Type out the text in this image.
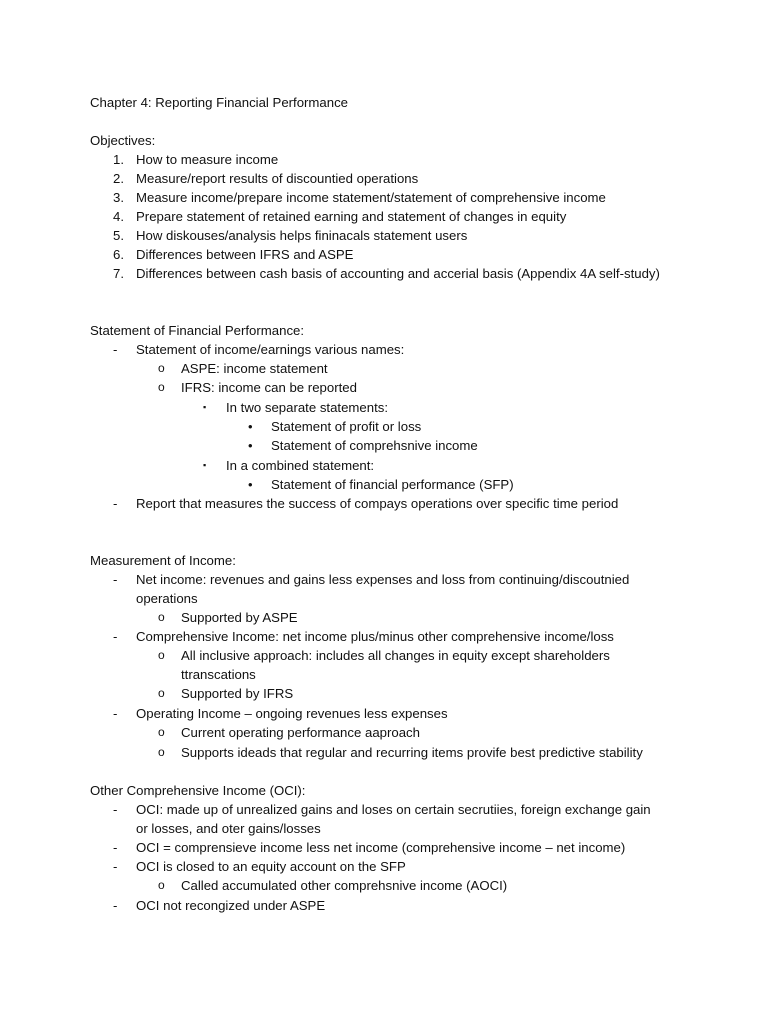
Chapter 4: Reporting Financial Performance
Objectives:
1. How to measure income
2. Measure/report results of discountied operations
3. Measure income/prepare income statement/statement of comprehensive income
4. Prepare statement of retained earning and statement of changes in equity
5. How diskouses/analysis helps fininacals statement users
6. Differences between IFRS and ASPE
7. Differences between cash basis of accounting and accerial basis (Appendix 4A self-study)
Statement of Financial Performance:
- Statement of income/earnings various names:
o ASPE: income statement
o IFRS: income can be reported
▪ In two separate statements:
• Statement of profit or loss
• Statement of comprehsnive income
▪ In a combined statement:
• Statement of financial performance (SFP)
- Report that measures the success of compays operations over specific time period
Measurement of Income:
- Net income: revenues and gains less expenses and loss from continuing/discoutnied
operations
o Supported by ASPE
- Comprehensive Income: net income plus/minus other comprehensive income/loss
o All inclusive approach: includes all changes in equity except shareholders
ttranscations
o Supported by IFRS
- Operating Income – ongoing revenues less expenses
o Current operating performance aaproach
o Supports ideads that regular and recurring items provife best predictive stability
Other Comprehensive Income (OCI):
- OCI: made up of unrealized gains and loses on certain secrutiies, foreign exchange gain
or losses, and oter gains/losses
- OCI = comprensieve income less net income (comprehensive income – net income)
- OCI is closed to an equity account on the SFP
o Called accumulated other comprehsnive income (AOCI)
- OCI not recongized under ASPE
